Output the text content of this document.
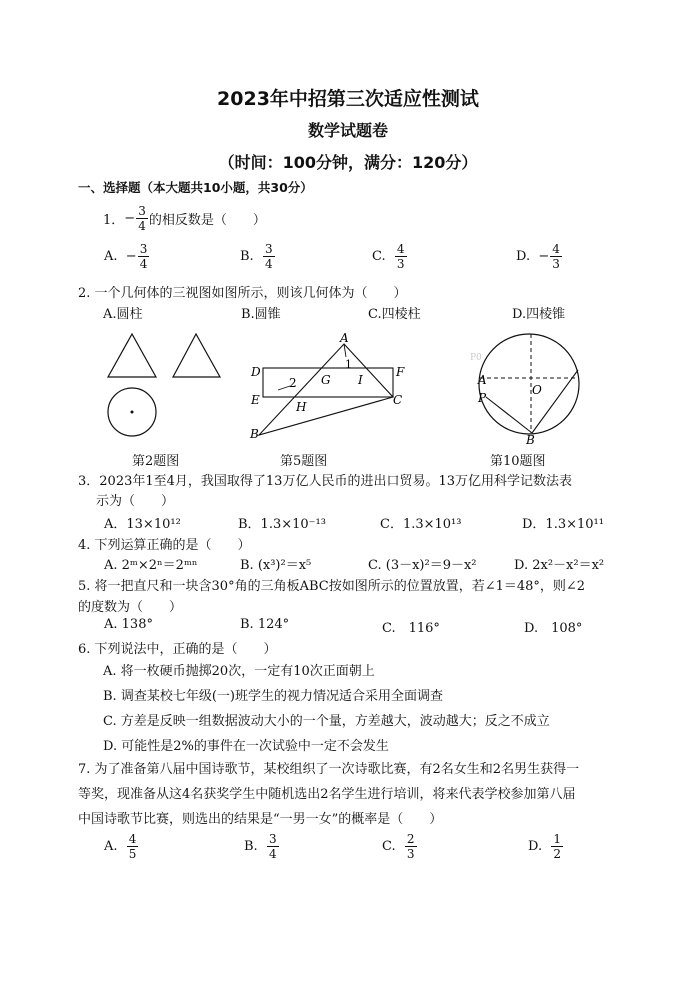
2023年中招第三次适应性测试
数学试题卷
（时间：100分钟，满分：120分）
一、选择题（本大题共10小题，共30分）
1． − $\frac{3}{4}$ 的相反数是（　　）
A.
− $\frac{3}{4}$	B.
$\frac{3}{4}$	C.
$\frac{4}{3}$	D.
− $\frac{4}{3}$
2. 一个几何体的三视图如图所示，则该几何体为（　　）
A.圆柱	B.圆锥	C.四棱柱	D.四棱锥
第2题图
A
D	F
E	C
B
G
H
I
1
2
第5题图
P0
A
P
O
B
第10题图
3．2023年1至4月，我国取得了13万亿人民币的进出口贸易。13万亿用科学记数法表
示为（　　）
A．13×10¹²	B．1.3×10⁻¹³	C．1.3×10¹³	D．1.3×10¹¹
4. 下列运算正确的是（　　）
A. 2ᵐ×2ⁿ＝2ᵐⁿ	B. (x³)²＝x⁵	C. (3－x)²＝9－x²	D. 2x²－x²＝x²
5. 将一把直尺和一块含30°角的三角板ABC按如图所示的位置放置，若∠1＝48°，则∠2
的度数为（　　）
A. 138°	B. 124°	C.　116°	D.　108°
6. 下列说法中，正确的是（　　）
A. 将一枚硬币抛掷20次，一定有10次正面朝上
B. 调查某校七年级(一)班学生的视力情况适合采用全面调查
C. 方差是反映一组数据波动大小的一个量，方差越大，波动越大；反之不成立
D. 可能性是2%的事件在一次试验中一定不会发生
7. 为了准备第八届中国诗歌节，某校组织了一次诗歌比赛，有2名女生和2名男生获得一
等奖，现准备从这4名获奖学生中随机选出2名学生进行培训，将来代表学校参加第八届
中国诗歌节比赛，则选出的结果是“一男一女”的概率是（　　）
A.
$\frac{4}{5}$	B.
$\frac{3}{4}$	C.
$\frac{2}{3}$	D.
$\frac{1}{2}$
